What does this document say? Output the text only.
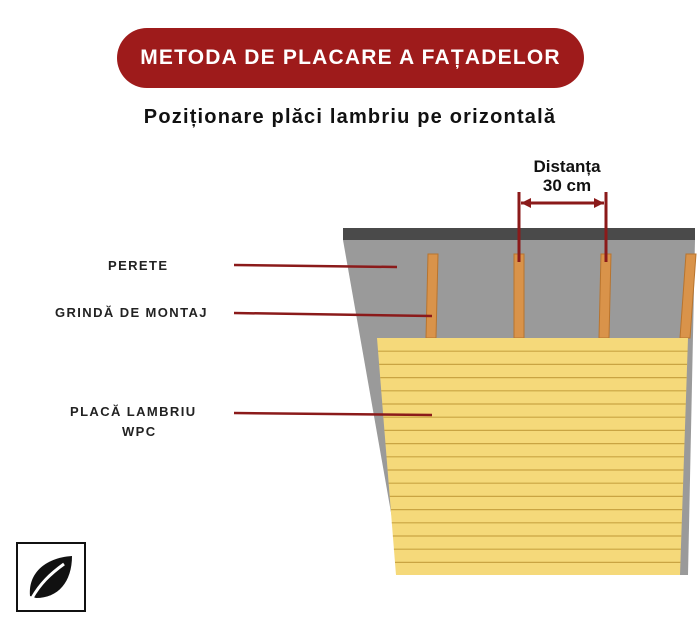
METODA DE PLACARE A FAȚADELOR
Poziționare plăci lambriu pe orizontală
Distanța
30 cm
PERETE
GRINDĂ DE MONTAJ
PLACĂ LAMBRIU
WPC
